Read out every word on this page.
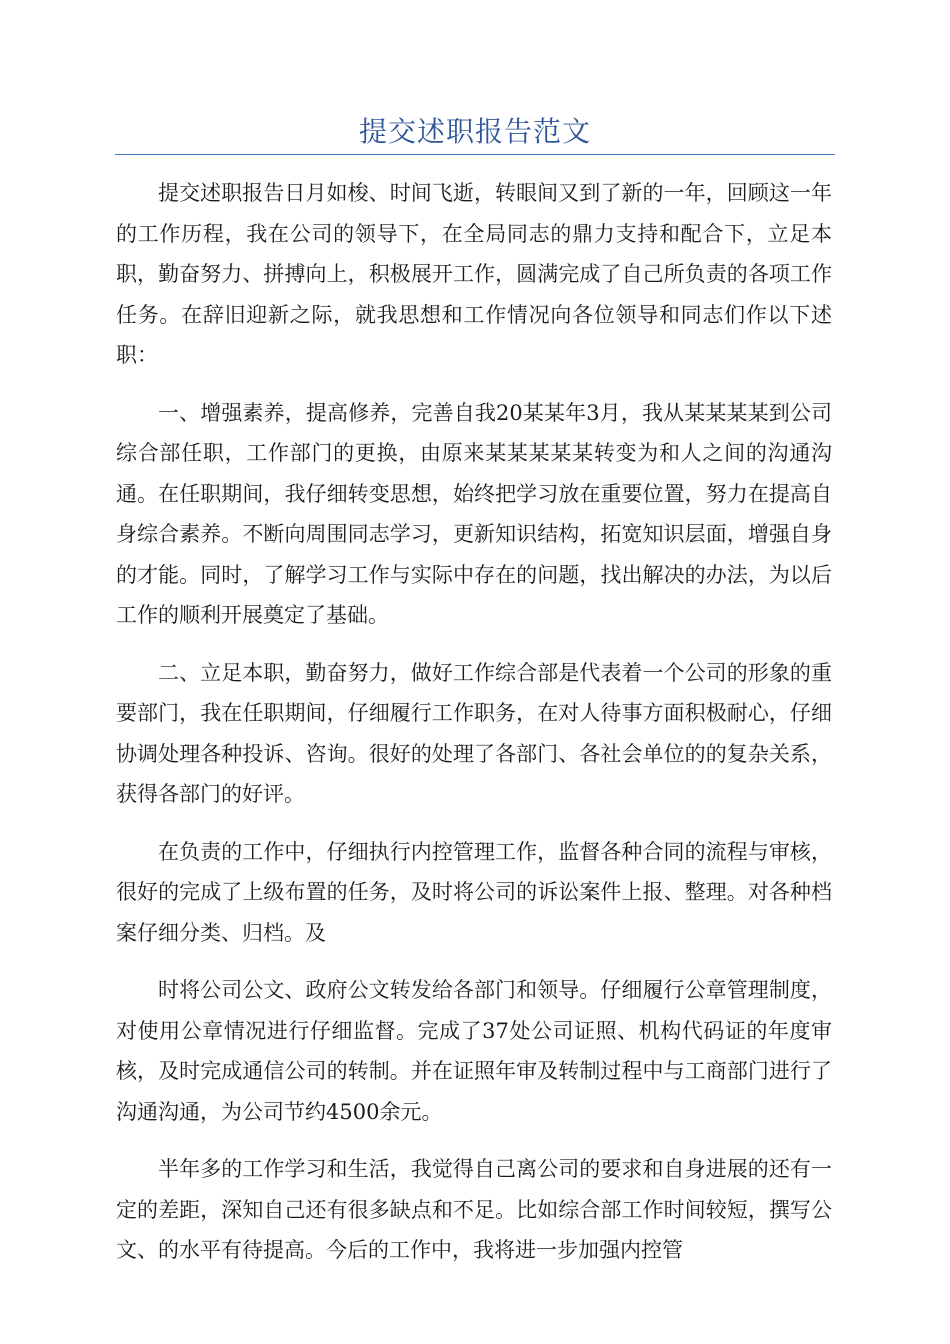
提交述职报告范文

提交述职报告日月如梭、时间飞逝，转眼间又到了新的一年，回顾这一年的工作历程，我在公司的领导下，在全局同志的鼎力支持和配合下，立足本职，勤奋努力、拼搏向上，积极展开工作，圆满完成了自己所负责的各项工作任务。在辞旧迎新之际，就我思想和工作情况向各位领导和同志们作以下述职：

一、增强素养，提高修养，完善自我20某某年3月，我从某某某某到公司综合部任职，工作部门的更换，由原来某某某某某转变为和人之间的沟通沟通。在任职期间，我仔细转变思想，始终把学习放在重要位置，努力在提高自身综合素养。不断向周围同志学习，更新知识结构，拓宽知识层面，增强自身的才能。同时，了解学习工作与实际中存在的问题，找出解决的办法，为以后工作的顺利开展奠定了基础。

二、立足本职，勤奋努力，做好工作综合部是代表着一个公司的形象的重要部门，我在任职期间，仔细履行工作职务，在对人待事方面积极耐心，仔细协调处理各种投诉、咨询。很好的处理了各部门、各社会单位的的复杂关系，获得各部门的好评。

在负责的工作中，仔细执行内控管理工作，监督各种合同的流程与审核，很好的完成了上级布置的任务，及时将公司的诉讼案件上报、整理。对各种档案仔细分类、归档。及

时将公司公文、政府公文转发给各部门和领导。仔细履行公章管理制度，对使用公章情况进行仔细监督。完成了37处公司证照、机构代码证的年度审核，及时完成通信公司的转制。并在证照年审及转制过程中与工商部门进行了沟通沟通，为公司节约4500余元。

半年多的工作学习和生活，我觉得自己离公司的要求和自身进展的还有一定的差距，深知自己还有很多缺点和不足。比如综合部工作时间较短，撰写公文、的水平有待提高。今后的工作中，我将进一步加强内控管
